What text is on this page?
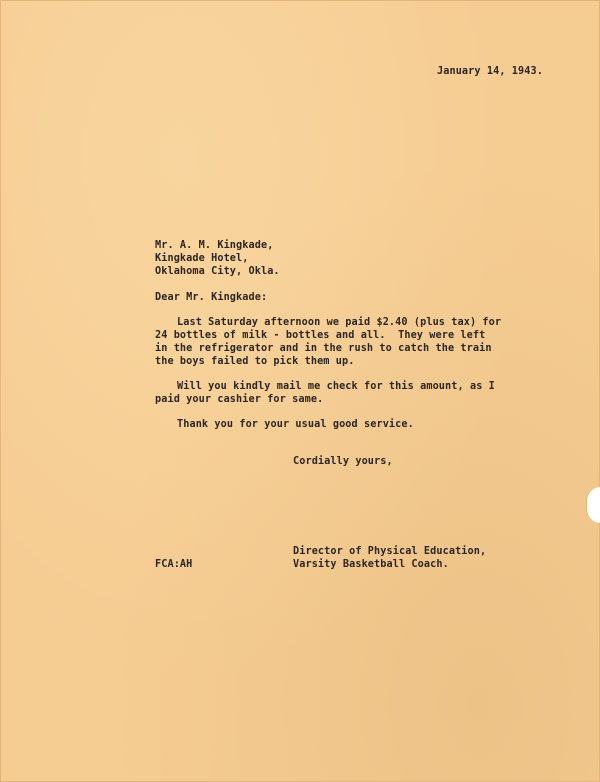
January 14, 1943.
Mr. A. M. Kingkade,
Kingkade Hotel,
Oklahoma City, Okla.
Dear Mr. Kingkade:
Last Saturday afternoon we paid $2.40 (plus tax) for
24 bottles of milk - bottles and all.  They were left
in the refrigerator and in the rush to catch the train
the boys failed to pick them up.
Will you kindly mail me check for this amount, as I
paid your cashier for same.
Thank you for your usual good service.
Cordially yours,
Director of Physical Education,
Varsity Basketball Coach.
FCA:AH
